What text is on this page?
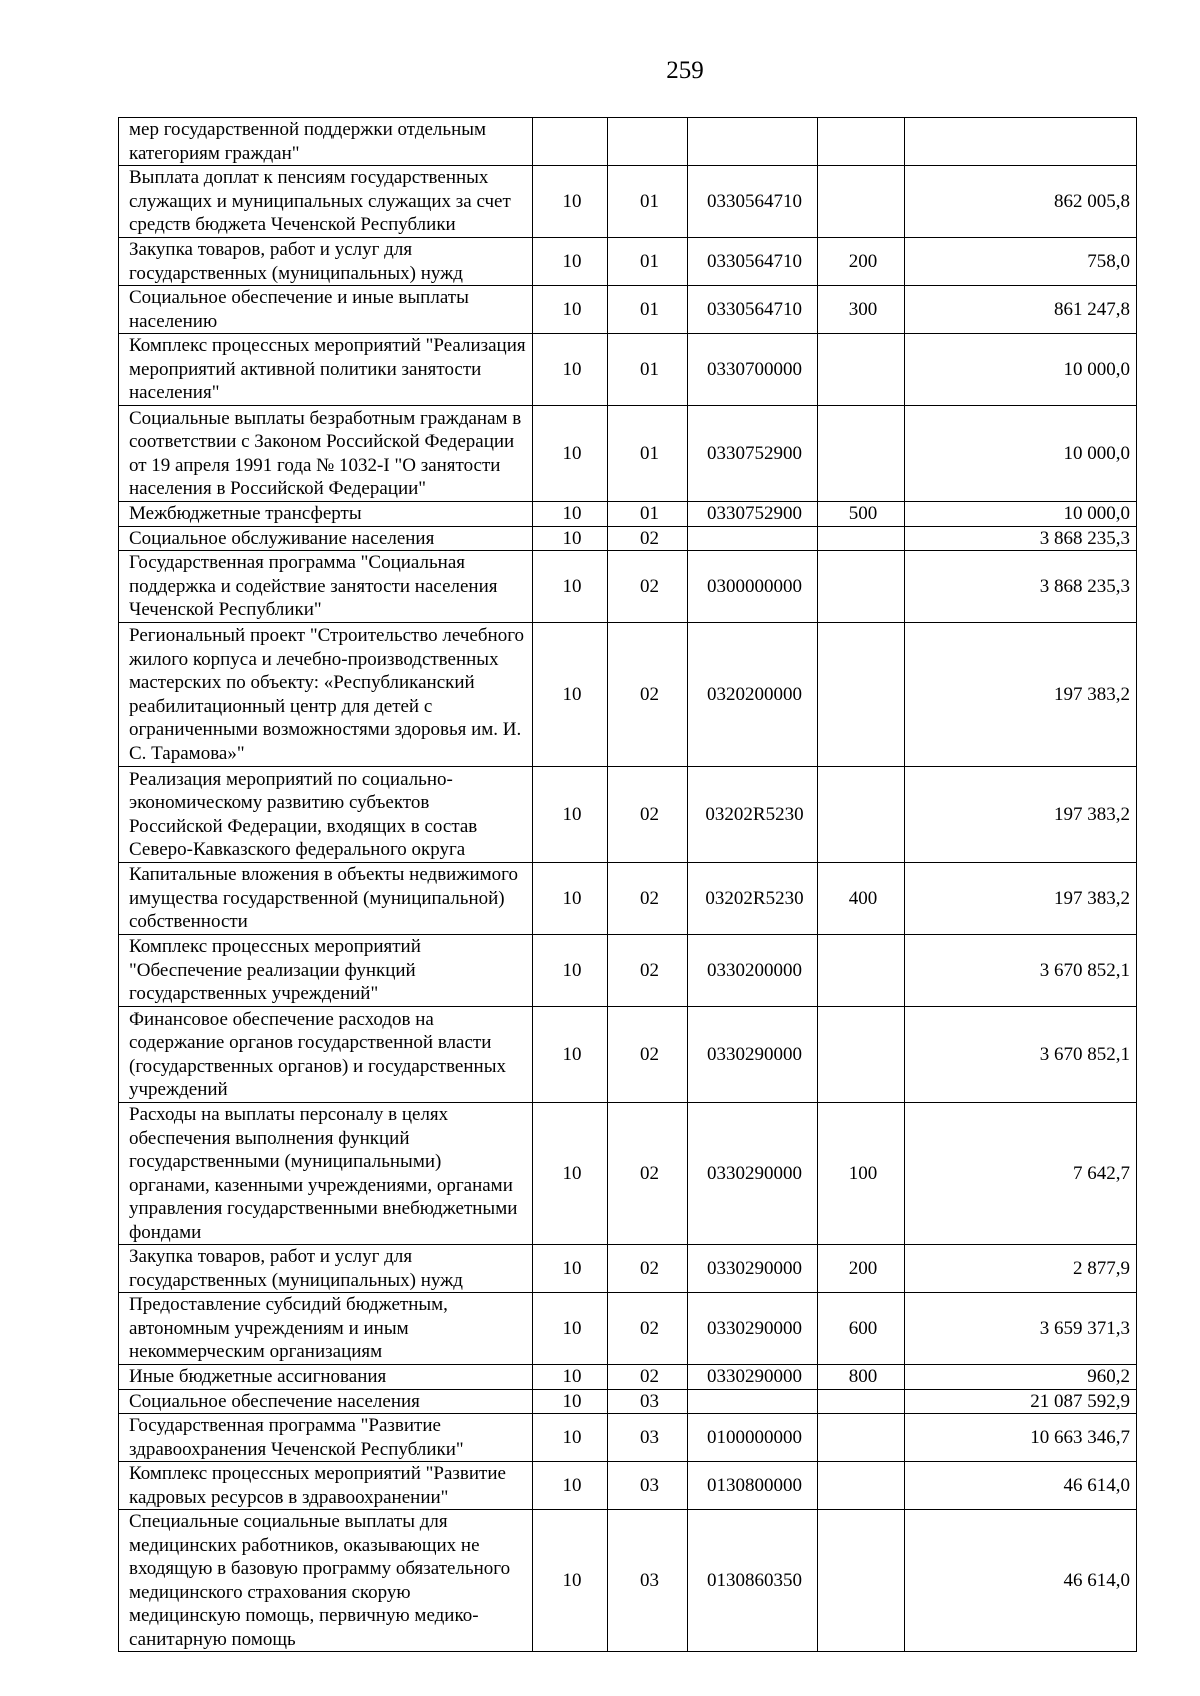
259
мер государственной поддержки отдельным категориям граждан"					
Выплата доплат к пенсиям государственных служащих и муниципальных служащих за счет средств бюджета Чеченской Республики	10	01	0330564710		862 005,8
Закупка товаров, работ и услуг для государственных (муниципальных) нужд	10	01	0330564710	200	758,0
Социальное обеспечение и иные выплаты населению	10	01	0330564710	300	861 247,8
Комплекс процессных мероприятий "Реализация мероприятий активной политики занятости населения"	10	01	0330700000		10 000,0
Социальные выплаты безработным гражданам в соответствии с Законом Российской Федерации от 19 апреля 1991 года № 1032-I "О занятости населения в Российской Федерации"	10	01	0330752900		10 000,0
Межбюджетные трансферты	10	01	0330752900	500	10 000,0
Социальное обслуживание населения	10	02			3 868 235,3
Государственная программа "Социальная поддержка и содействие занятости населения Чеченской Республики"	10	02	0300000000		3 868 235,3
Региональный проект "Строительство лечебного жилого корпуса и лечебно-производственных мастерских по объекту: «Республиканский реабилитационный центр для детей с ограниченными возможностями здоровья им. И. С. Тарамова»"	10	02	0320200000		197 383,2
Реализация мероприятий по социально-экономическому развитию субъектов Российской Федерации, входящих в состав Северо-Кавказского федерального округа	10	02	03202R5230		197 383,2
Капитальные вложения в объекты недвижимого имущества государственной (муниципальной) собственности	10	02	03202R5230	400	197 383,2
Комплекс процессных мероприятий "Обеспечение реализации функций государственных учреждений"	10	02	0330200000		3 670 852,1
Финансовое обеспечение расходов на содержание органов государственной власти (государственных органов) и государственных учреждений	10	02	0330290000		3 670 852,1
Расходы на выплаты персоналу в целях обеспечения выполнения функций государственными (муниципальными) органами, казенными учреждениями, органами управления государственными внебюджетными фондами	10	02	0330290000	100	7 642,7
Закупка товаров, работ и услуг для государственных (муниципальных) нужд	10	02	0330290000	200	2 877,9
Предоставление субсидий бюджетным, автономным учреждениям и иным некоммерческим организациям	10	02	0330290000	600	3 659 371,3
Иные бюджетные ассигнования	10	02	0330290000	800	960,2
Социальное обеспечение населения	10	03			21 087 592,9
Государственная программа "Развитие здравоохранения Чеченской Республики"	10	03	0100000000		10 663 346,7
Комплекс процессных мероприятий "Развитие кадровых ресурсов в здравоохранении"	10	03	0130800000		46 614,0
Специальные социальные выплаты для медицинских работников, оказывающих не входящую в базовую программу обязательного медицинского страхования скорую медицинскую помощь, первичную медико-санитарную помощь	10	03	0130860350		46 614,0
